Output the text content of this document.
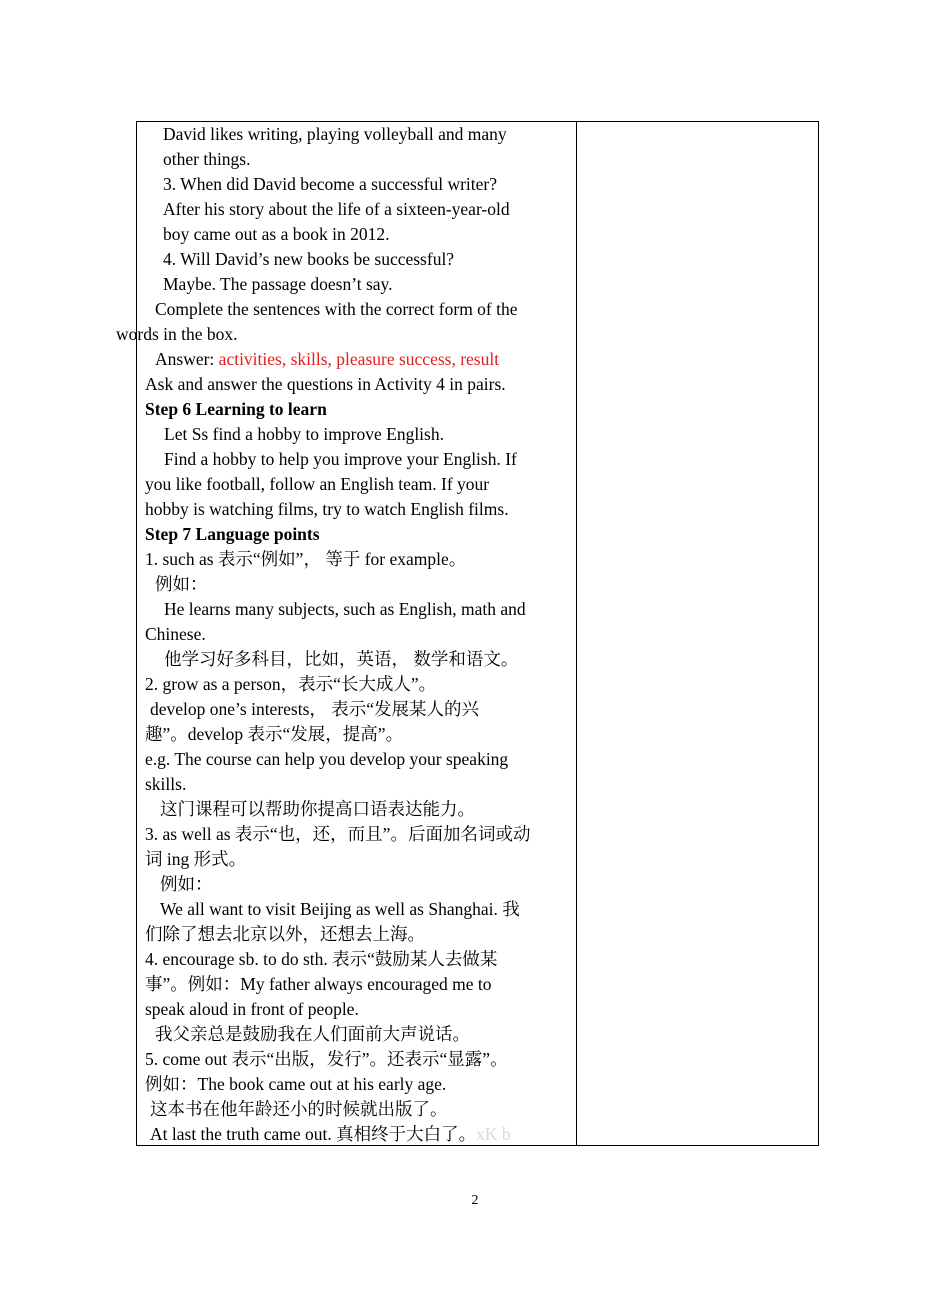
David likes writing, playing volleyball and many
other things.
3. When did David become a successful writer?
After his story about the life of a sixteen-year-old
boy came out as a book in 2012.
4. Will David’s new books be successful?
Maybe. The passage doesn’t say.
Complete the sentences with the correct form of the
words in the box.
Answer: activities, skills, pleasure success, result
Ask and answer the questions in Activity 4 in pairs.
Step 6 Learning to learn
Let Ss find a hobby to improve English.
Find a hobby to help you improve your English. If
you like football, follow an English team. If your
hobby is watching films, try to watch English films.
Step 7 Language points
1. such as 表示“例如”， 等于 for example。
例如：
He learns many subjects, such as English, math and
Chinese.
他学习好多科目，比如，英语， 数学和语文。
2. grow as a person，表示“长大成人”。
develop one’s interests， 表示“发展某人的兴
趣”。develop 表示“发展，提高”。
e.g. The course can help you develop your speaking
skills.
这门课程可以帮助你提高口语表达能力。
3. as well as 表示“也，还，而且”。后面加名词或动
词 ing 形式。
例如：
We all want to visit Beijing as well as Shanghai. 我
们除了想去北京以外，还想去上海。
4. encourage sb. to do sth. 表示“鼓励某人去做某
事”。例如：My father always encouraged me to
speak aloud in front of people.
我父亲总是鼓励我在人们面前大声说话。
5. come out 表示“出版，发行”。还表示“显露”。
例如：The book came out at his early age.
这本书在他年龄还小的时候就出版了。
At last the truth came out. 真相终于大白了。xK b
2
